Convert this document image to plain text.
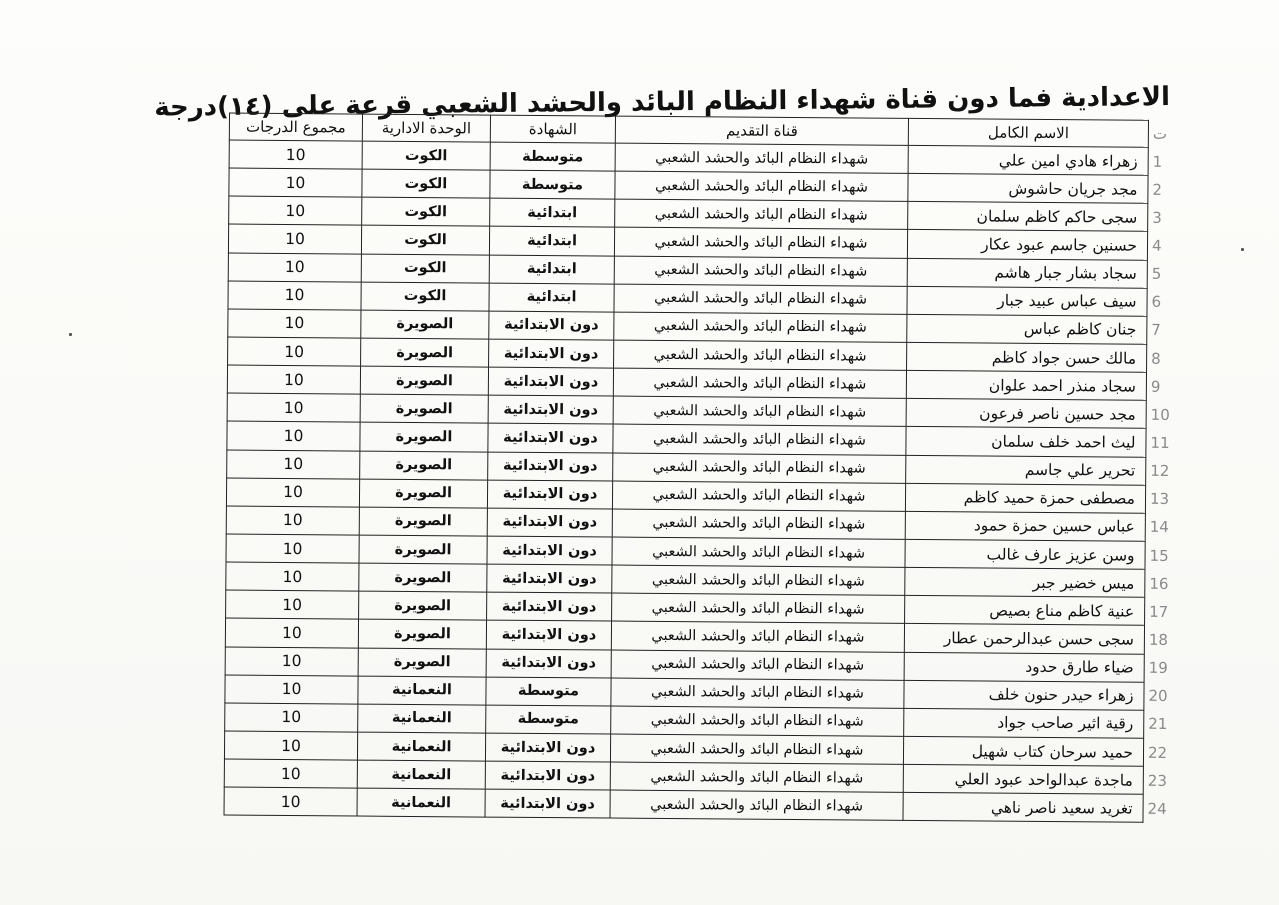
الاعدادية فما دون قناة شهداء النظام البائد والحشد الشعبي قرعة على (١٤)درجة
مجموع الدرجات	الوحدة الادارية	الشهادة	قناة التقديم	الاسم الكامل	ت
10	الكوت	متوسطة	شهداء النظام البائد والحشد الشعبي	زهراء هادي امين علي	1
10	الكوت	متوسطة	شهداء النظام البائد والحشد الشعبي	مجد جريان حاشوش	2
10	الكوت	ابتدائية	شهداء النظام البائد والحشد الشعبي	سجى حاكم كاظم سلمان	3
10	الكوت	ابتدائية	شهداء النظام البائد والحشد الشعبي	حسنين جاسم عبود عكار	4
10	الكوت	ابتدائية	شهداء النظام البائد والحشد الشعبي	سجاد بشار جبار هاشم	5
10	الكوت	ابتدائية	شهداء النظام البائد والحشد الشعبي	سيف عباس عبيد جبار	6
10	الصويرة	دون الابتدائية	شهداء النظام البائد والحشد الشعبي	جنان كاظم عباس	7
10	الصويرة	دون الابتدائية	شهداء النظام البائد والحشد الشعبي	مالك حسن جواد كاظم	8
10	الصويرة	دون الابتدائية	شهداء النظام البائد والحشد الشعبي	سجاد منذر احمد علوان	9
10	الصويرة	دون الابتدائية	شهداء النظام البائد والحشد الشعبي	مجد حسين ناصر فرعون	10
10	الصويرة	دون الابتدائية	شهداء النظام البائد والحشد الشعبي	ليث احمد خلف سلمان	11
10	الصويرة	دون الابتدائية	شهداء النظام البائد والحشد الشعبي	تحرير علي جاسم	12
10	الصويرة	دون الابتدائية	شهداء النظام البائد والحشد الشعبي	مصطفى حمزة حميد كاظم	13
10	الصويرة	دون الابتدائية	شهداء النظام البائد والحشد الشعبي	عباس حسين حمزة حمود	14
10	الصويرة	دون الابتدائية	شهداء النظام البائد والحشد الشعبي	وسن عزيز عارف غالب	15
10	الصويرة	دون الابتدائية	شهداء النظام البائد والحشد الشعبي	ميس خضير جبر	16
10	الصويرة	دون الابتدائية	شهداء النظام البائد والحشد الشعبي	عنية كاظم مناع بصيص	17
10	الصويرة	دون الابتدائية	شهداء النظام البائد والحشد الشعبي	سجى حسن عبدالرحمن عطار	18
10	الصويرة	دون الابتدائية	شهداء النظام البائد والحشد الشعبي	ضياء طارق حدود	19
10	النعمانية	متوسطة	شهداء النظام البائد والحشد الشعبي	زهراء حيدر حنون خلف	20
10	النعمانية	متوسطة	شهداء النظام البائد والحشد الشعبي	رقية اثير صاحب جواد	21
10	النعمانية	دون الابتدائية	شهداء النظام البائد والحشد الشعبي	حميد سرحان كتاب شهيل	22
10	النعمانية	دون الابتدائية	شهداء النظام البائد والحشد الشعبي	ماجدة عبدالواحد عبود العلي	23
10	النعمانية	دون الابتدائية	شهداء النظام البائد والحشد الشعبي	تغريد سعيد ناصر ناهي	24
